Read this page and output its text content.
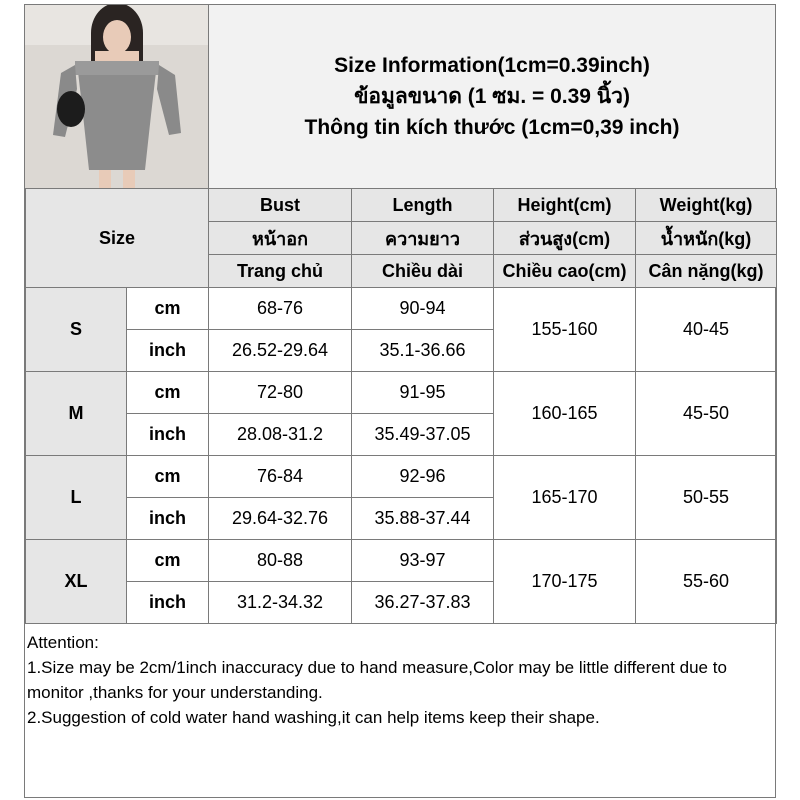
Size Information(1cm=0.39inch)
ข้อมูลขนาด (1 ซม. = 0.39 นิ้ว)
Thông tin kích thước (1cm=0,39 inch)
Size		Bust	Length	Height(cm)	Weight(kg)
		หน้าอก	ความยาว	ส่วนสูง(cm)	น้ำหนัก(kg)
		Trang chủ	Chiều dài	Chiều cao(cm)	Cân nặng(kg)
S	cm	68-76	90-94	155-160	40-45
	inch	26.52-29.64	35.1-36.66		
M	cm	72-80	91-95	160-165	45-50
	inch	28.08-31.2	35.49-37.05		
L	cm	76-84	92-96	165-170	50-55
	inch	29.64-32.76	35.88-37.44		
XL	cm	80-88	93-97	170-175	55-60
	inch	31.2-34.32	36.27-37.83		
Attention:
1.Size may be 2cm/1inch inaccuracy due to hand measure,Color may be little different due to monitor ,thanks for your understanding.
2.Suggestion of cold water hand washing,it can help items keep their shape.
